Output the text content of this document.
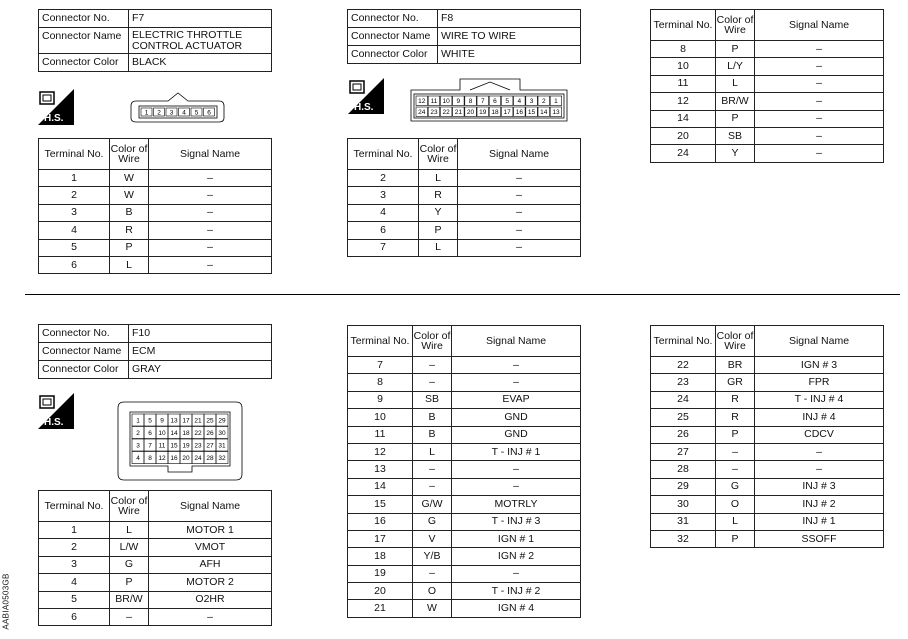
Connector No.	F7
Connector Name	ELECTRIC THROTTLE
CONTROL ACTUATOR
Connector Color	BLACK
H.S.
1 2 3 4 5 6
Terminal No.	Color of
Wire	Signal Name
1	W	–
2	W	–
3	B	–
4	R	–
5	P	–
6	L	–
Connector No.	F8
Connector Name	WIRE TO WIRE
Connector Color	WHITE
H.S.
12 11 10 9 8 7 6 5 4 3 2 1
24 23 22 21 20 19 18 17 16 15 14 13
Terminal No.	Color of
Wire	Signal Name
2	L	–
3	R	–
4	Y	–
6	P	–
7	L	–
Terminal No.	Color of
Wire	Signal Name
8	P	–
10	L/Y	–
11	L	–
12	BR/W	–
14	P	–
20	SB	–
24	Y	–
Connector No.	F10
Connector Name	ECM
Connector Color	GRAY
H.S.	1 5 9 13 17 21 25 29
2 6 10 14 18 22 26 30
3 7 11 15 19 23 27 31
4 8 12 16 20 24 28 32
Terminal No.	Color of
Wire	Signal Name
1	L	MOTOR 1
2	L/W	VMOT
3	G	AFH
4	P	MOTOR 2
5	BR/W	O2HR
6	–	–
Terminal No.	Color of
Wire	Signal Name
7	–	–
8	–	–
9	SB	EVAP
10	B	GND
11	B	GND
12	L	T - INJ # 1
13	–	–
14	–	–
15	G/W	MOTRLY
16	G	T - INJ # 3
17	V	IGN # 1
18	Y/B	IGN # 2
19	–	–
20	O	T - INJ # 2
21	W	IGN # 4
Terminal No.	Color of
Wire	Signal Name
22	BR	IGN # 3
23	GR	FPR
24	R	T - INJ # 4
25	R	INJ # 4
26	P	CDCV
27	–	–
28	–	–
29	G	INJ # 3
30	O	INJ # 2
31	L	INJ # 1
32	P	SSOFF
AABIA0503GB
